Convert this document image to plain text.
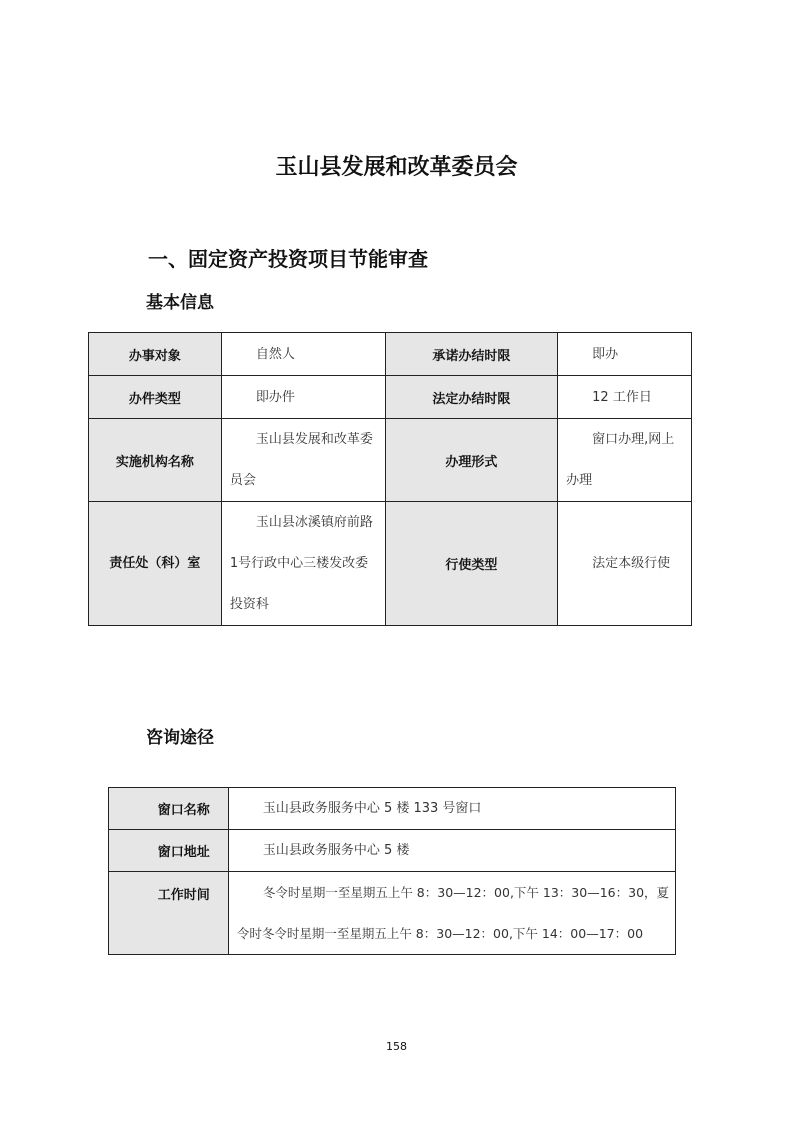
玉山县发展和改革委员会
一、固定资产投资项目节能审查
基本信息
办事对象	自然人	承诺办结时限	即办
办件类型	即办件	法定办结时限	12 工作日
实施机构名称	玉山县发展和改革委员会	办理形式	窗口办理,网上办理
责任处（科）室	玉山县冰溪镇府前路1号行政中心三楼发改委投资科	行使类型	法定本级行使
咨询途径
窗口名称	玉山县政务服务中心 5 楼 133 号窗口
窗口地址	玉山县政务服务中心 5 楼
工作时间	冬令时星期一至星期五上午 8：30—12：00,下午 13：30—16：30，夏令时冬令时星期一至星期五上午 8：30—12：00,下午 14：00—17：00
158
